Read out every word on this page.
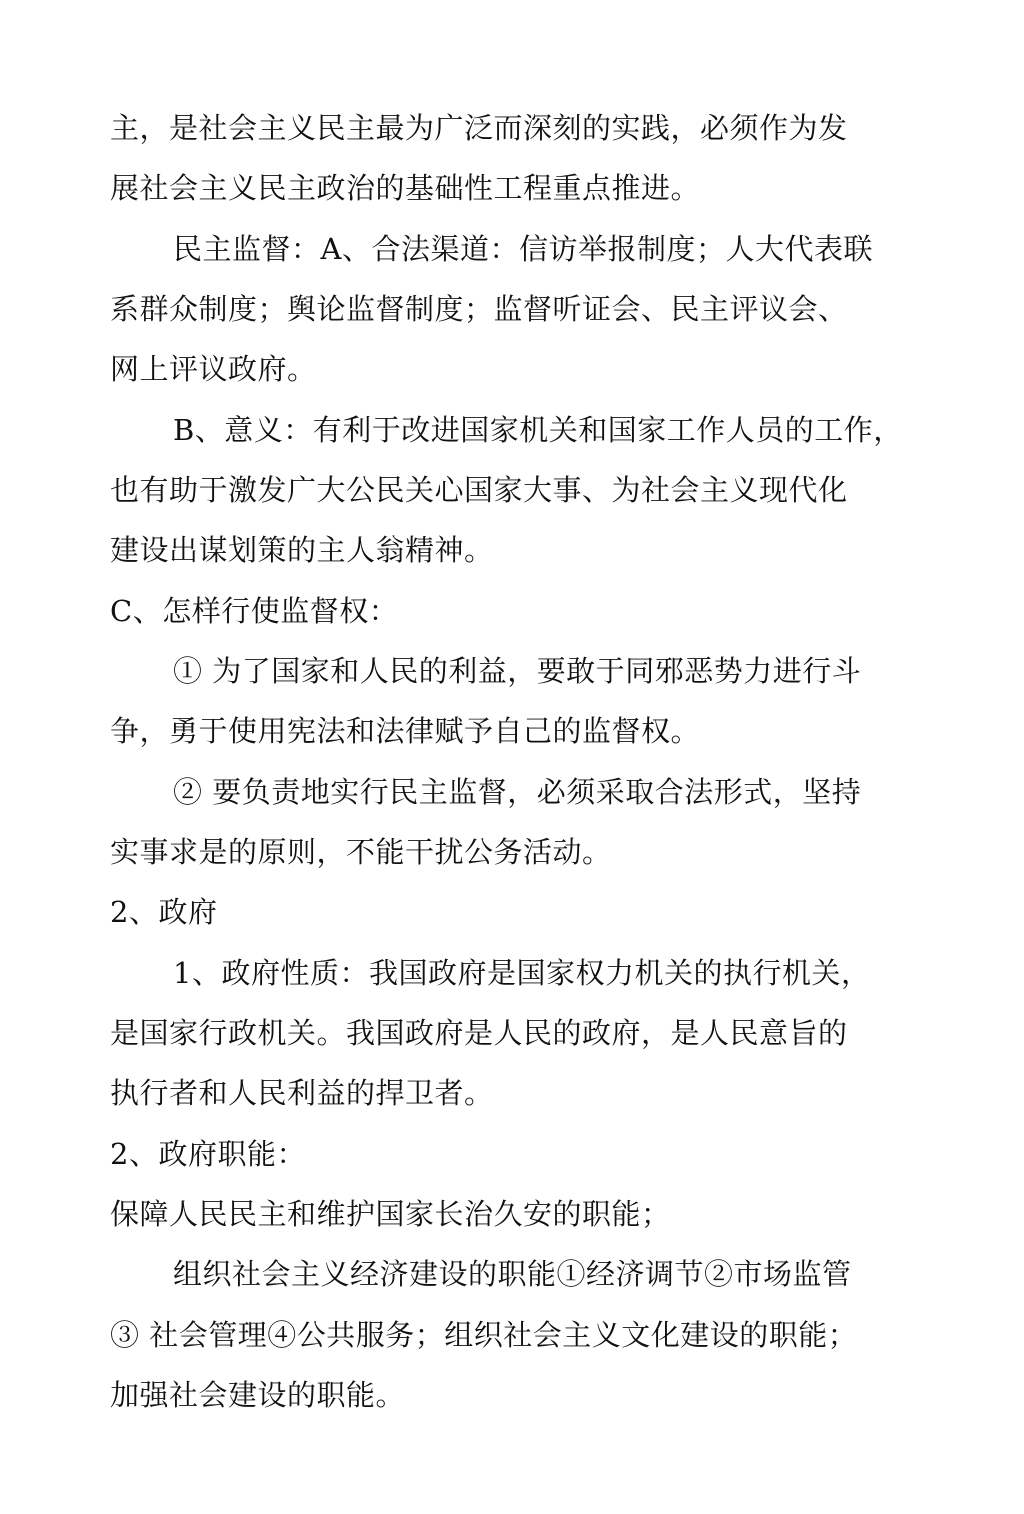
主，是社会主义民主最为广泛而深刻的实践，必须作为发
展社会主义民主政治的基础性工程重点推进。
民主监督：A、合法渠道：信访举报制度；人大代表联
系群众制度；舆论监督制度；监督听证会、民主评议会、
网上评议政府。
B、意义：有利于改进国家机关和国家工作人员的工作，
也有助于激发广大公民关心国家大事、为社会主义现代化
建设出谋划策的主人翁精神。
C、怎样行使监督权：
① 为了国家和人民的利益，要敢于同邪恶势力进行斗
争，勇于使用宪法和法律赋予自己的监督权。
② 要负责地实行民主监督，必须采取合法形式，坚持
实事求是的原则，不能干扰公务活动。
2、政府
1、政府性质：我国政府是国家权力机关的执行机关，
是国家行政机关。我国政府是人民的政府，是人民意旨的
执行者和人民利益的捍卫者。
2、政府职能：
保障人民民主和维护国家长治久安的职能；
组织社会主义经济建设的职能①经济调节②市场监管
③ 社会管理④公共服务；组织社会主义文化建设的职能；
加强社会建设的职能。
